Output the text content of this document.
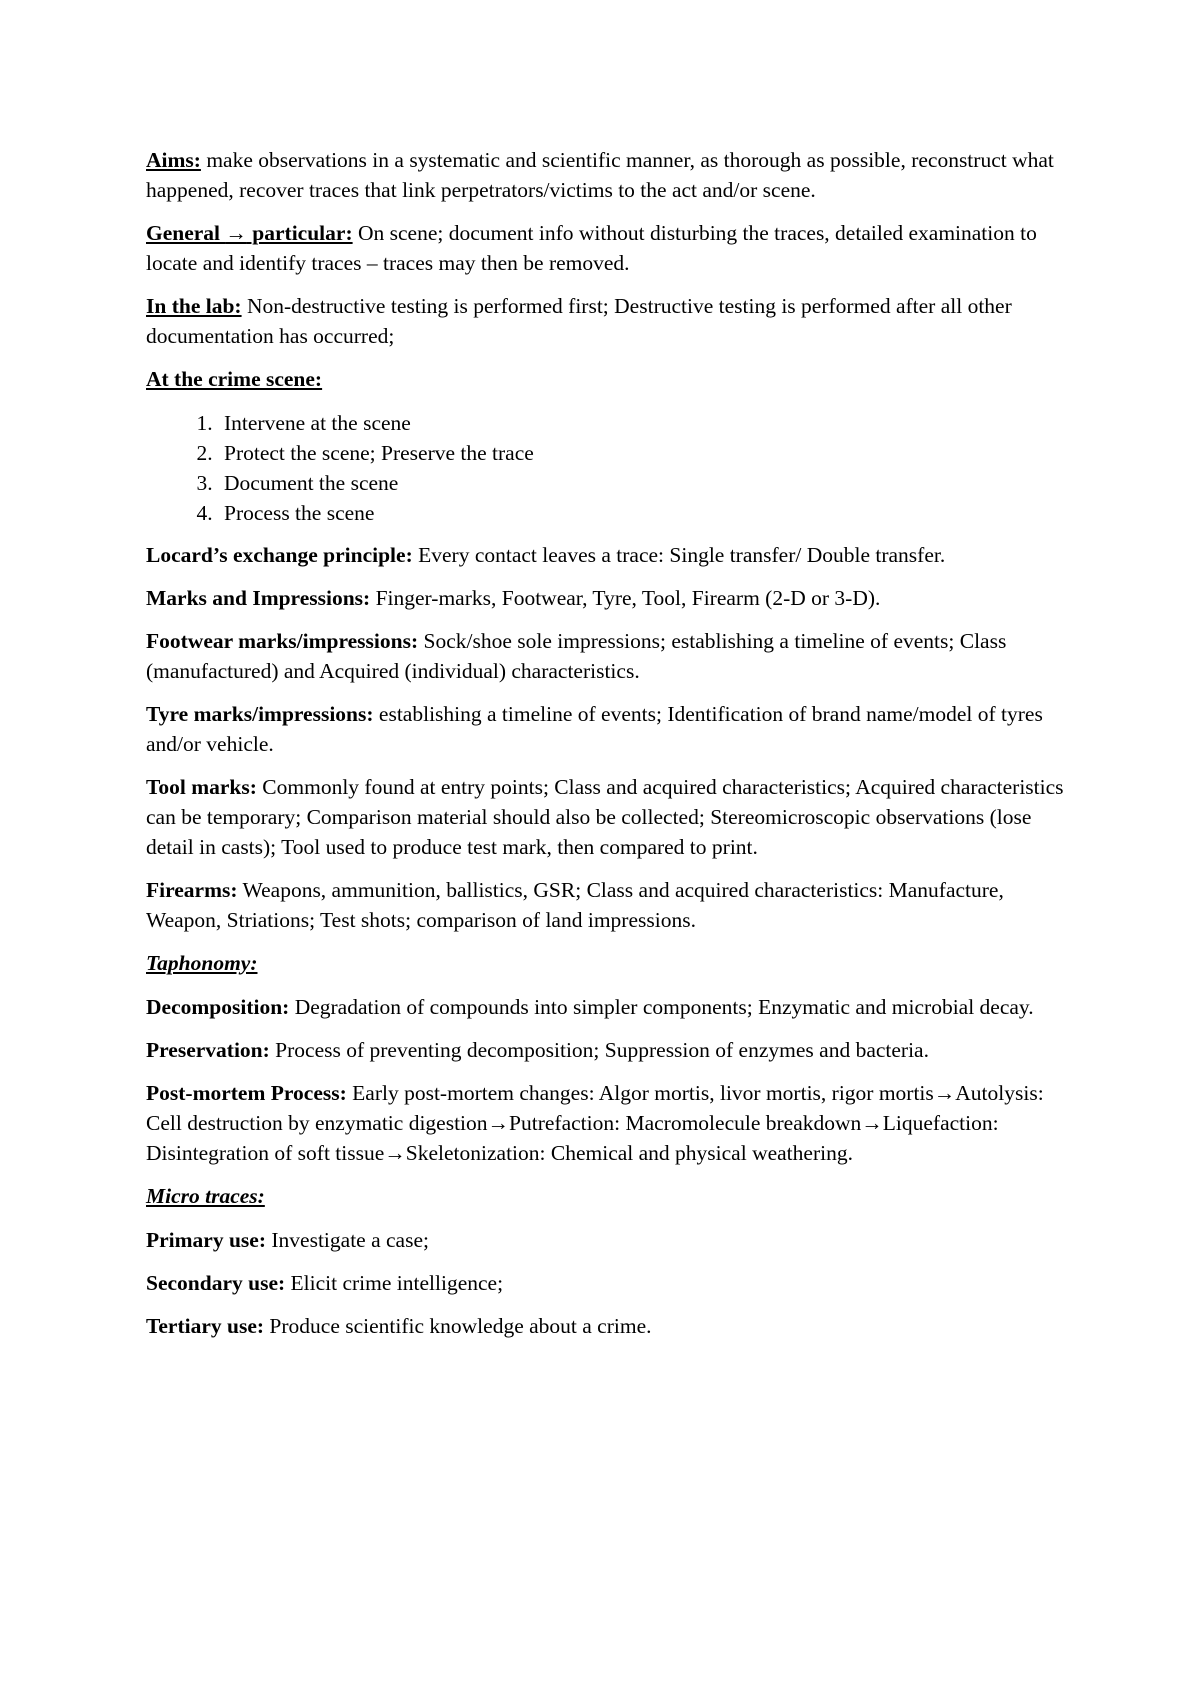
Aims: make observations in a systematic and scientific manner, as thorough as possible, reconstruct what happened, recover traces that link perpetrators/victims to the act and/or scene.

General → particular: On scene; document info without disturbing the traces, detailed examination to locate and identify traces – traces may then be removed.

In the lab: Non-destructive testing is performed first; Destructive testing is performed after all other documentation has occurred;

At the crime scene:

1. Intervene at the scene
2. Protect the scene; Preserve the trace
3. Document the scene
4. Process the scene

Locard’s exchange principle: Every contact leaves a trace: Single transfer/ Double transfer.

Marks and Impressions: Finger-marks, Footwear, Tyre, Tool, Firearm (2-D or 3-D).

Footwear marks/impressions: Sock/shoe sole impressions; establishing a timeline of events; Class (manufactured) and Acquired (individual) characteristics.

Tyre marks/impressions: establishing a timeline of events; Identification of brand name/model of tyres and/or vehicle.

Tool marks: Commonly found at entry points; Class and acquired characteristics; Acquired characteristics can be temporary; Comparison material should also be collected; Stereomicroscopic observations (lose detail in casts); Tool used to produce test mark, then compared to print.

Firearms: Weapons, ammunition, ballistics, GSR; Class and acquired characteristics: Manufacture, Weapon, Striations; Test shots; comparison of land impressions.

Taphonomy:

Decomposition: Degradation of compounds into simpler components; Enzymatic and microbial decay.

Preservation: Process of preventing decomposition; Suppression of enzymes and bacteria.

Post-mortem Process: Early post-mortem changes: Algor mortis, livor mortis, rigor mortis→Autolysis: Cell destruction by enzymatic digestion→Putrefaction: Macromolecule breakdown→Liquefaction: Disintegration of soft tissue→Skeletonization: Chemical and physical weathering.

Micro traces:

Primary use: Investigate a case;

Secondary use: Elicit crime intelligence;

Tertiary use: Produce scientific knowledge about a crime.
